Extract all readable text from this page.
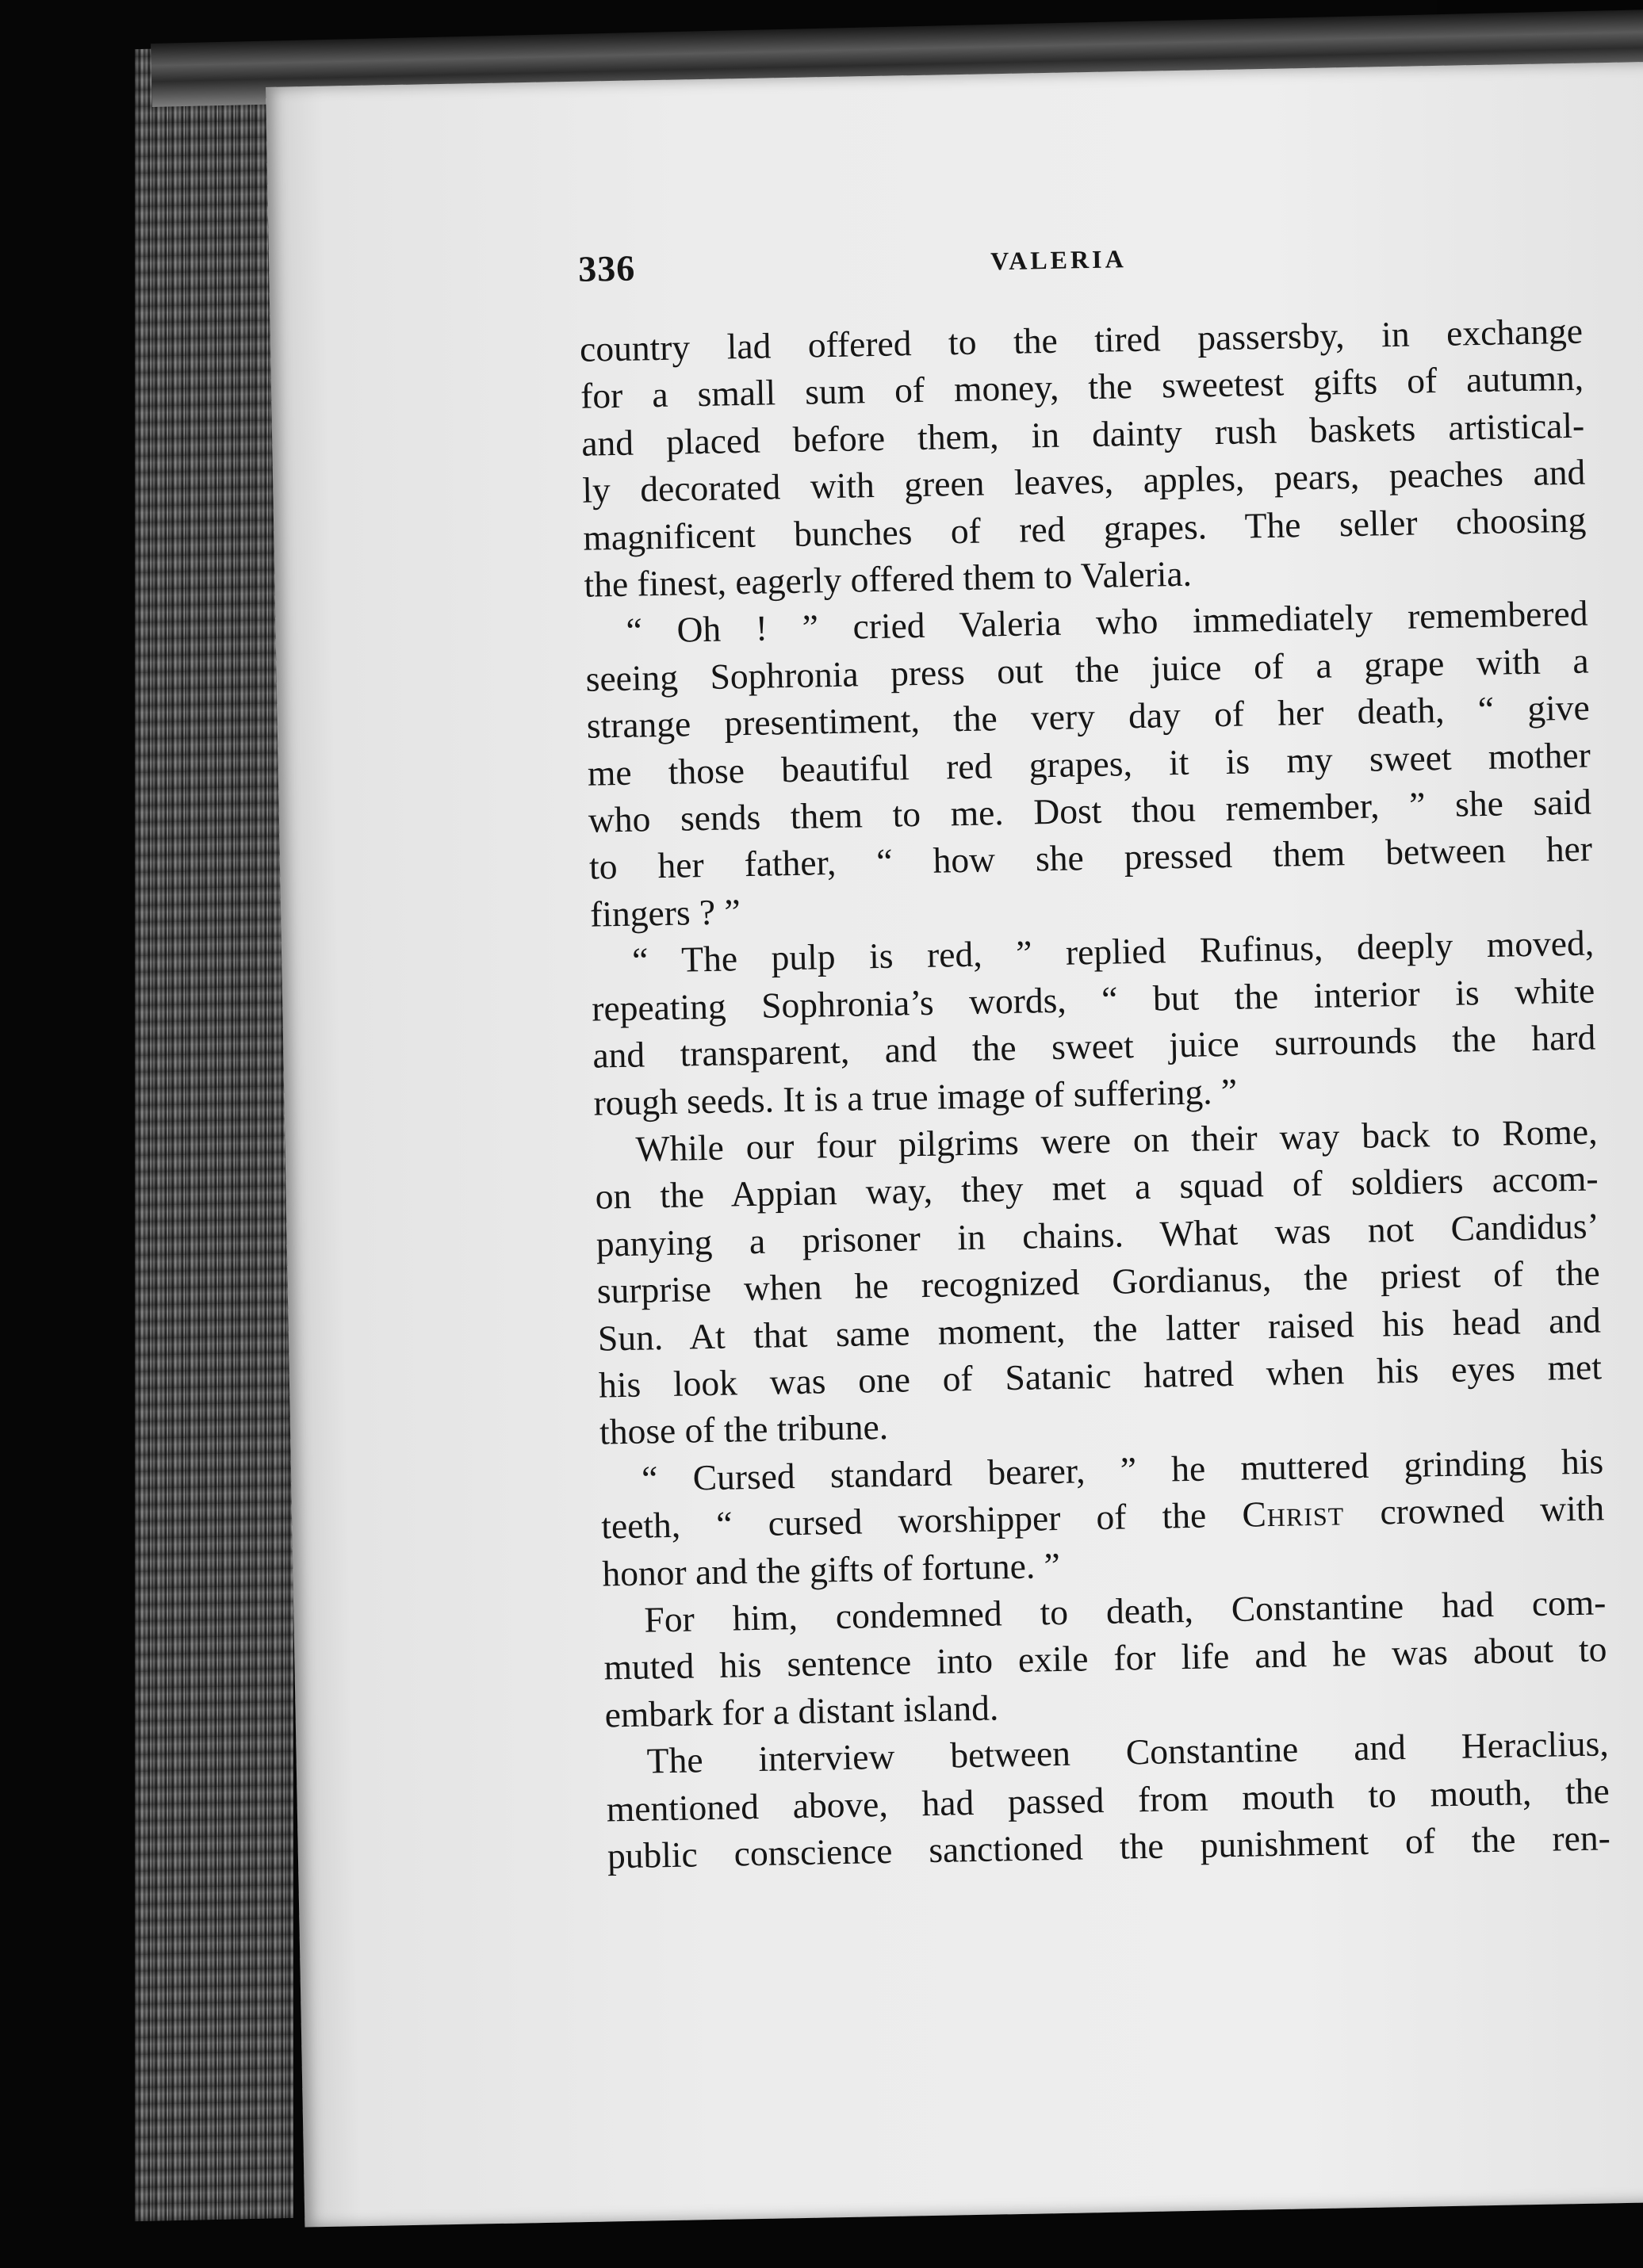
336	VALERIA

country lad offered to the tired passersby, in exchange
for a small sum of money, the sweetest gifts of autumn,
and placed before them, in dainty rush baskets artistical-
ly decorated with green leaves, apples, pears, peaches and
magnificent bunches of red grapes. The seller choosing
the finest, eagerly offered them to Valeria.

“ Oh ! ” cried Valeria who immediately remembered
seeing Sophronia press out the juice of a grape with a
strange presentiment, the very day of her death, “ give
me those beautiful red grapes, it is my sweet mother
who sends them to me. Dost thou remember, ” she said
to her father, “ how she pressed them between her
fingers ? ”

“ The pulp is red, ” replied Rufinus, deeply moved,
repeating Sophronia’s words, “ but the interior is white
and transparent, and the sweet juice surrounds the hard
rough seeds. It is a true image of suffering. ”

While our four pilgrims were on their way back to Rome,
on the Appian way, they met a squad of soldiers accom-
panying a prisoner in chains. What was not Candidus’
surprise when he recognized Gordianus, the priest of the
Sun. At that same moment, the latter raised his head and
his look was one of Satanic hatred when his eyes met
those of the tribune.

“ Cursed standard bearer, ” he muttered grinding his
teeth, “ cursed worshipper of the Christ crowned with
honor and the gifts of fortune. ”

For him, condemned to death, Constantine had com-
muted his sentence into exile for life and he was about to
embark for a distant island.

The interview between Constantine and Heraclius,
mentioned above, had passed from mouth to mouth, the
public conscience sanctioned the punishment of the ren-
